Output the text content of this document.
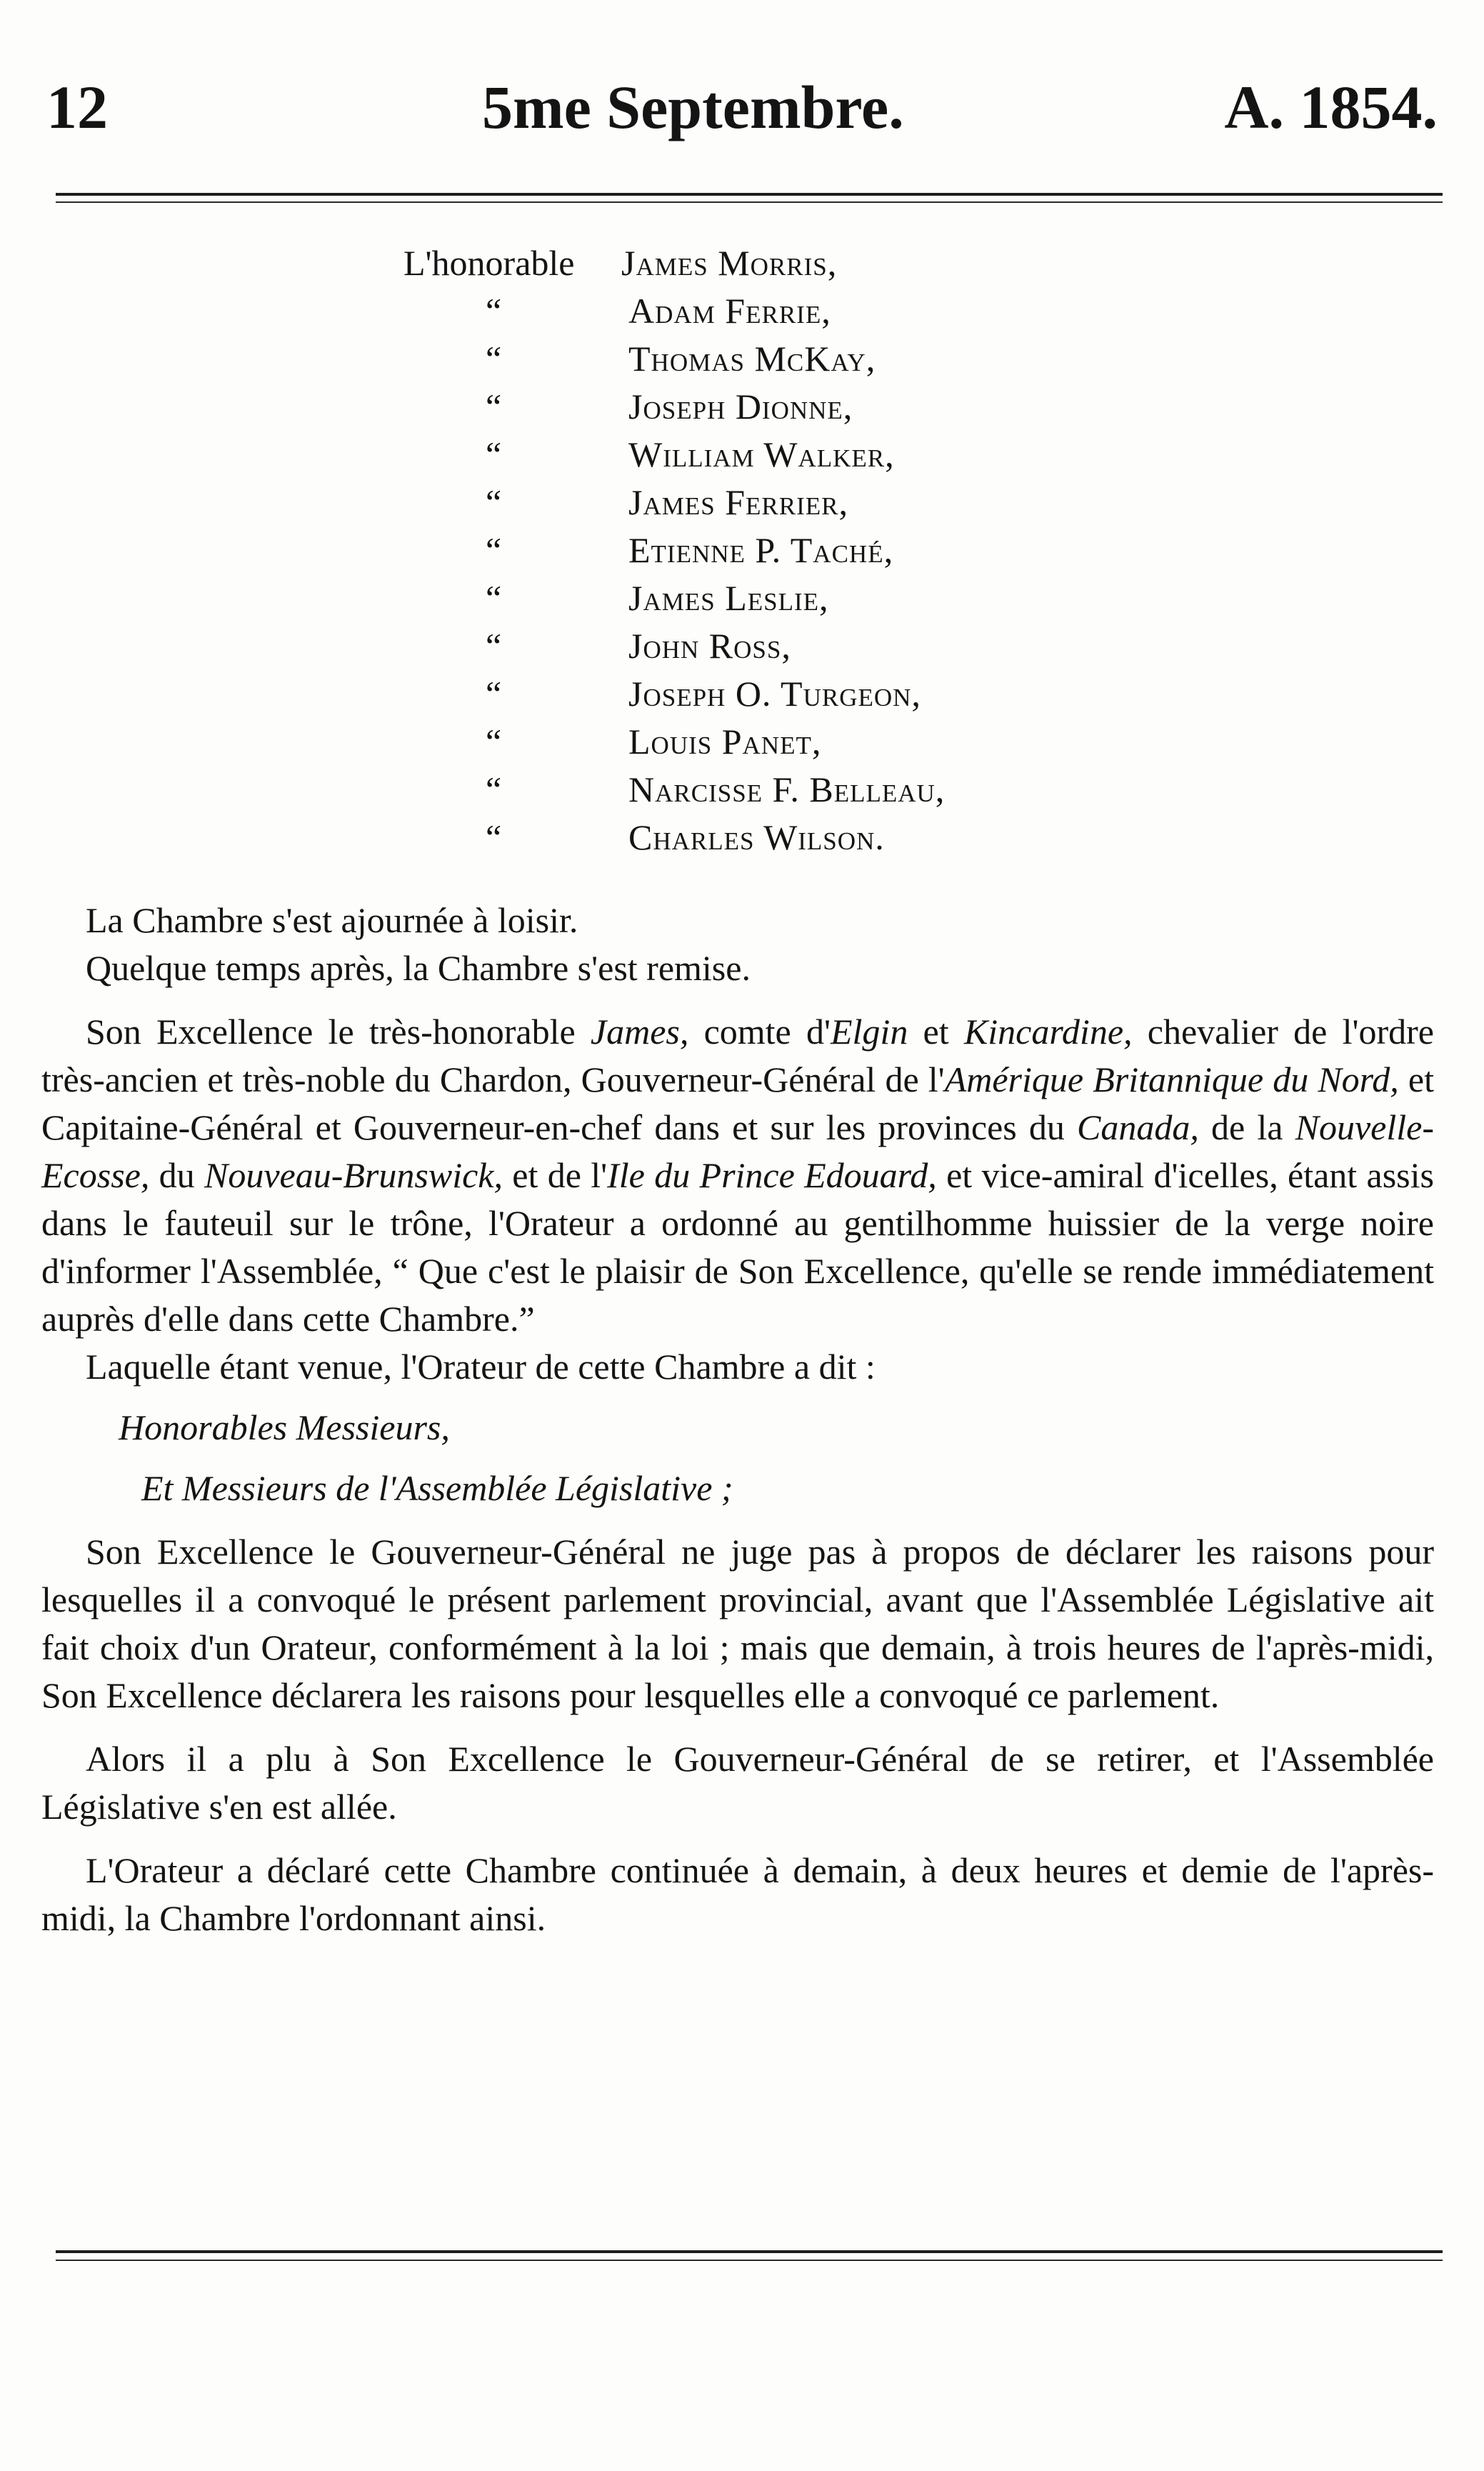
12	5me Septembre.	A. 1854.
L'honorable James Morris,
“	Adam Ferrie,
“	Thomas McKay,
“	Joseph Dionne,
“	William Walker,
“	James Ferrier,
“	Etienne P. Taché,
“	James Leslie,
“	John Ross,
“	Joseph O. Turgeon,
“	Louis Panet,
“	Narcisse F. Belleau,
“	Charles Wilson.

La Chambre s'est ajournée à loisir.

Quelque temps après, la Chambre s'est remise.

Son Excellence le très-honorable James, comte d'Elgin et Kincardine, chevalier de l'ordre très-ancien et très-noble du Chardon, Gouverneur-Général de l'Amérique Britannique du Nord, et Capitaine-Général et Gouverneur-en-chef dans et sur les provinces du Canada, de la Nouvelle-Ecosse, du Nouveau-Brunswick, et de l'Ile du Prince Edouard, et vice-amiral d'icelles, étant assis dans le fauteuil sur le trône, l'Orateur a ordonné au gentilhomme huissier de la verge noire d'informer l'Assemblée, “ Que c'est le plaisir de Son Excellence, qu'elle se rende immédiatement auprès d'elle dans cette Chambre.”

Laquelle étant venue, l'Orateur de cette Chambre a dit :

Honorables Messieurs,

Et Messieurs de l'Assemblée Législative ;

Son Excellence le Gouverneur-Général ne juge pas à propos de déclarer les raisons pour lesquelles il a convoqué le présent parlement provincial, avant que l'Assemblée Législative ait fait choix d'un Orateur, conformément à la loi ; mais que demain, à trois heures de l'après-midi, Son Excellence déclarera les raisons pour lesquelles elle a convoqué ce parlement.

Alors il a plu à Son Excellence le Gouverneur-Général de se retirer, et l'Assemblée Législative s'en est allée.

L'Orateur a déclaré cette Chambre continuée à demain, à deux heures et demie de l'après-midi, la Chambre l'ordonnant ainsi.
